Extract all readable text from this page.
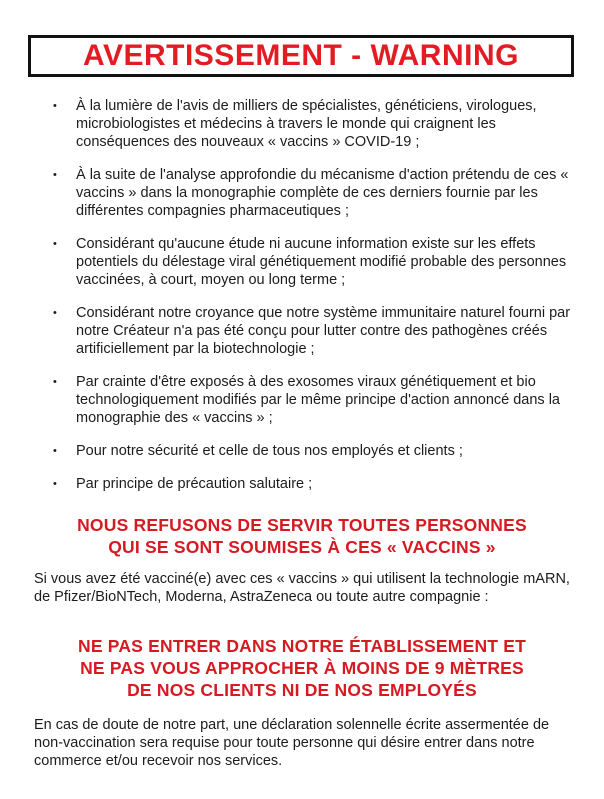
AVERTISSEMENT - WARNING
• À la lumière de l'avis de milliers de spécialistes, généticiens, virologues, microbiologistes et médecins à travers le monde qui craignent les conséquences des nouveaux « vaccins » COVID-19 ;
• À la suite de l'analyse approfondie du mécanisme d'action prétendu de ces « vaccins » dans la monographie complète de ces derniers fournie par les différentes compagnies pharmaceutiques ;
• Considérant qu'aucune étude ni aucune information existe sur les effets potentiels du délestage viral génétiquement modifié probable des personnes vaccinées, à court, moyen ou long terme ;
• Considérant notre croyance que notre système immunitaire naturel fourni par notre Créateur n'a pas été conçu pour lutter contre des pathogènes créés artificiellement par la biotechnologie ;
• Par crainte d'être exposés à des exosomes viraux génétiquement et bio technologiquement modifiés par le même principe d'action annoncé dans la monographie des « vaccins » ;
• Pour notre sécurité et celle de tous nos employés et clients ;
• Par principe de précaution salutaire ;
NOUS REFUSONS DE SERVIR TOUTES PERSONNES
QUI SE SONT SOUMISES À CES « VACCINS »
Si vous avez été vacciné(e) avec ces « vaccins » qui utilisent la technologie mARN, de Pfizer/BioNTech, Moderna, AstraZeneca ou toute autre compagnie :
NE PAS ENTRER DANS NOTRE ÉTABLISSEMENT ET
NE PAS VOUS APPROCHER À MOINS DE 9 MÈTRES
DE NOS CLIENTS NI DE NOS EMPLOYÉS
En cas de doute de notre part, une déclaration solennelle écrite assermentée de non-vaccination sera requise pour toute personne qui désire entrer dans notre commerce et/ou recevoir nos services.
